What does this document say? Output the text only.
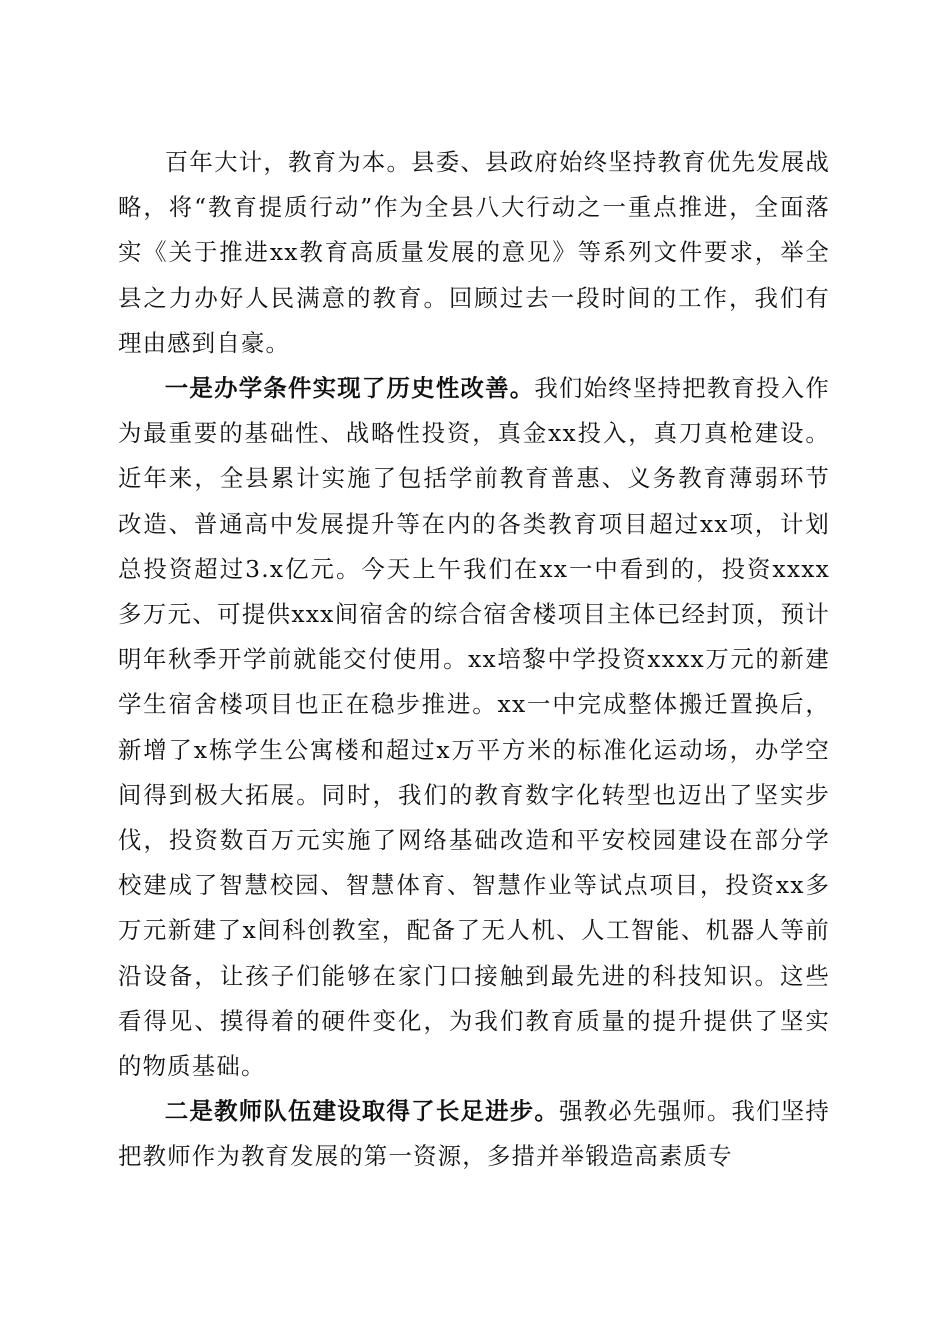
百年大计，教育为本。县委、县政府始终坚持教育优先发展战略，将“教育提质行动”作为全县八大行动之一重点推进，全面落实《关于推进xx教育高质量发展的意见》等系列文件要求，举全县之力办好人民满意的教育。回顾过去一段时间的工作，我们有理由感到自豪。

一是办学条件实现了历史性改善。我们始终坚持把教育投入作为最重要的基础性、战略性投资，真金xx投入，真刀真枪建设。近年来，全县累计实施了包括学前教育普惠、义务教育薄弱环节改造、普通高中发展提升等在内的各类教育项目超过xx项，计划总投资超过3.x亿元。今天上午我们在xx一中看到的，投资xxxx多万元、可提供xxx间宿舍的综合宿舍楼项目主体已经封顶，预计明年秋季开学前就能交付使用。xx培黎中学投资xxxx万元的新建学生宿舍楼项目也正在稳步推进。xx一中完成整体搬迁置换后，新增了x栋学生公寓楼和超过x万平方米的标准化运动场，办学空间得到极大拓展。同时，我们的教育数字化转型也迈出了坚实步伐，投资数百万元实施了网络基础改造和平安校园建设在部分学校建成了智慧校园、智慧体育、智慧作业等试点项目，投资xx多万元新建了x间科创教室，配备了无人机、人工智能、机器人等前沿设备，让孩子们能够在家门口接触到最先进的科技知识。这些看得见、摸得着的硬件变化，为我们教育质量的提升提供了坚实的物质基础。

二是教师队伍建设取得了长足进步。强教必先强师。我们坚持把教师作为教育发展的第一资源，多措并举锻造高素质专
